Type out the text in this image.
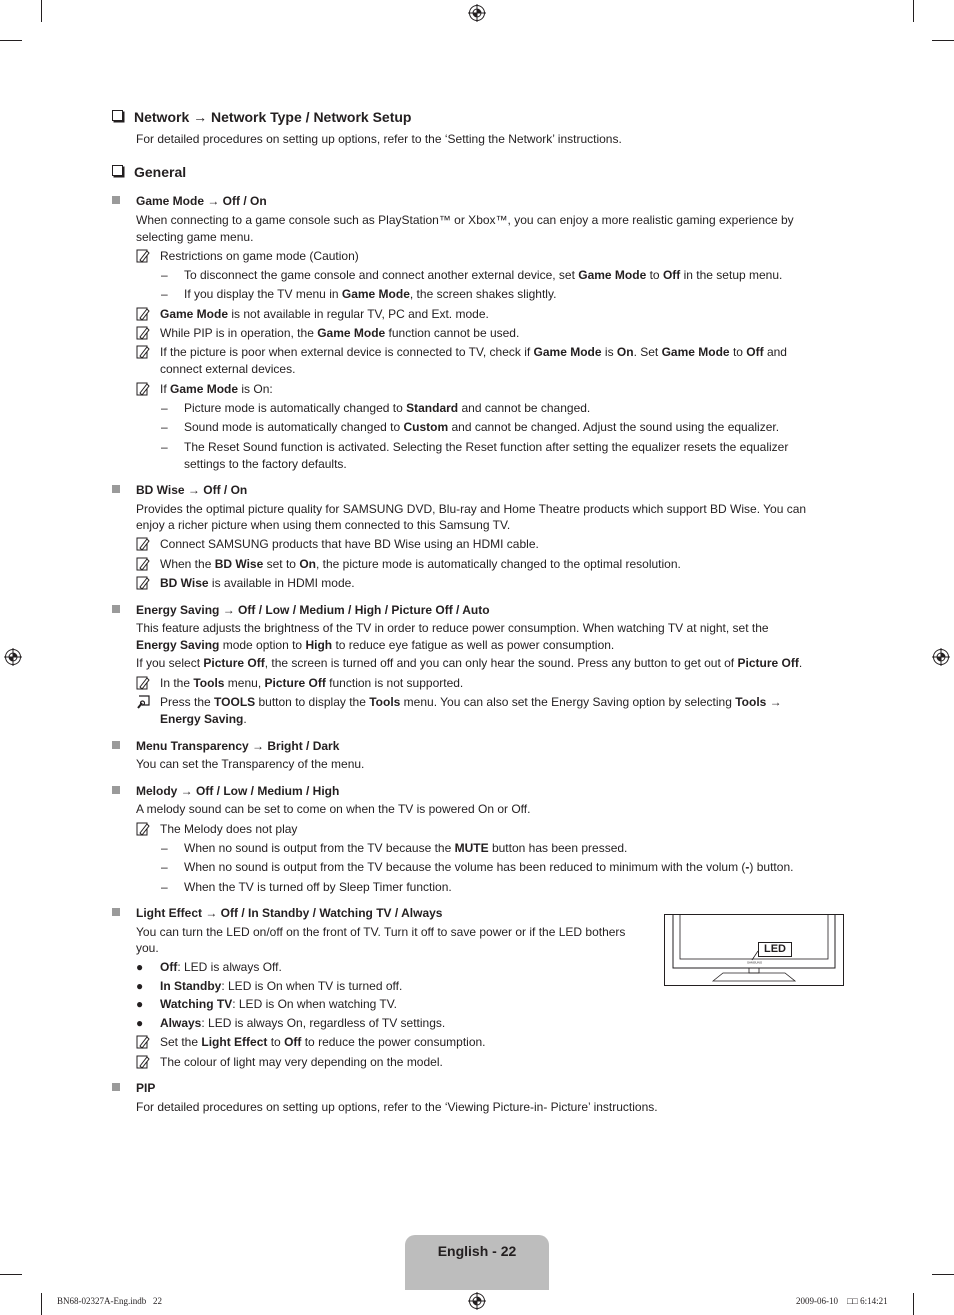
Network → Network Type / Network Setup
For detailed procedures on setting up options, refer to the ‘Setting the Network’ instructions.
General
Game Mode → Off / On
When connecting to a game console such as PlayStation™ or Xbox™, you can enjoy a more realistic gaming experience by
selecting game menu.
Restrictions on game mode (Caution)
– To disconnect the game console and connect another external device, set Game Mode to Off in the setup menu.
– If you display the TV menu in Game Mode, the screen shakes slightly.
Game Mode is not available in regular TV, PC and Ext. mode.
While PIP is in operation, the Game Mode function cannot be used.
If the picture is poor when external device is connected to TV, check if Game Mode is On. Set Game Mode to Off and
connect external devices.
If Game Mode is On:
– Picture mode is automatically changed to Standard and cannot be changed.
– Sound mode is automatically changed to Custom and cannot be changed. Adjust the sound using the equalizer.
– The Reset Sound function is activated. Selecting the Reset function after setting the equalizer resets the equalizer
settings to the factory defaults.
BD Wise → Off / On
Provides the optimal picture quality for SAMSUNG DVD, Blu-ray and Home Theatre products which support BD Wise. You can
enjoy a richer picture when using them connected to this Samsung TV.
Connect SAMSUNG products that have BD Wise using an HDMI cable.
When the BD Wise set to On, the picture mode is automatically changed to the optimal resolution.
BD Wise is available in HDMI mode.
Energy Saving → Off / Low / Medium / High / Picture Off / Auto
This feature adjusts the brightness of the TV in order to reduce power consumption. When watching TV at night, set the
Energy Saving mode option to High to reduce eye fatigue as well as power consumption.
If you select Picture Off, the screen is turned off and you can only hear the sound. Press any button to get out of Picture Off.
In the Tools menu, Picture Off function is not supported.
Press the TOOLS button to display the Tools menu. You can also set the Energy Saving option by selecting Tools →
Energy Saving.
Menu Transparency → Bright / Dark
You can set the Transparency of the menu.
Melody → Off / Low / Medium / High
A melody sound can be set to come on when the TV is powered On or Off.
The Melody does not play
– When no sound is output from the TV because the MUTE button has been pressed.
– When no sound is output from the TV because the volume has been reduced to minimum with the volum (-) button.
– When the TV is turned off by Sleep Timer function.
Light Effect → Off / In Standby / Watching TV / Always
You can turn the LED on/off on the front of TV. Turn it off to save power or if the LED bothers
you.
● Off: LED is always Off.
● In Standby: LED is On when TV is turned off.
● Watching TV: LED is On when watching TV.
● Always: LED is always On, regardless of TV settings.
Set the Light Effect to Off to reduce the power consumption.
The colour of light may very depending on the model.
SAMSUNG
LED
PIP
For detailed procedures on setting up options, refer to the ‘Viewing Picture-in- Picture’ instructions.
English - 22
BN68-02327A-Eng.indb   22	2009-06-10    □□ 6:14:21
